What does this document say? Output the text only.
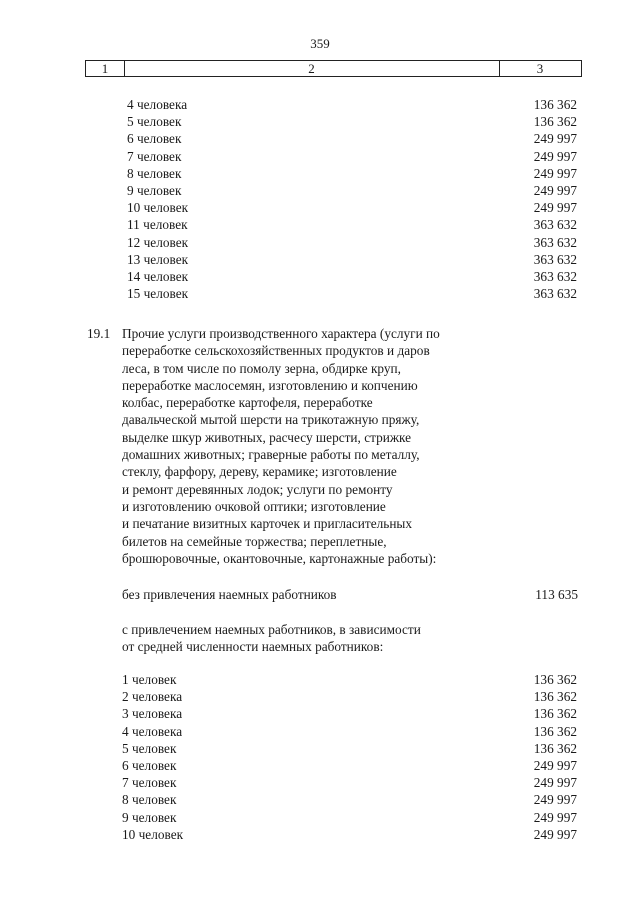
359
1	2	3
4 человека	136 362
5 человек	136 362
6 человек	249 997
7 человек	249 997
8 человек	249 997
9 человек	249 997
10 человек	249 997
11 человек	363 632
12 человек	363 632
13 человек	363 632
14 человек	363 632
15 человек	363 632
19.1 Прочие услуги производственного характера (услуги по
переработке сельскохозяйственных продуктов и даров
леса, в том числе по помолу зерна, обдирке круп,
переработке маслосемян, изготовлению и копчению
колбас, переработке картофеля, переработке
давальческой мытой шерсти на трикотажную пряжу,
выделке шкур животных, расчесу шерсти, стрижке
домашних животных; граверные работы по металлу,
стеклу, фарфору, дереву, керамике; изготовление
и ремонт деревянных лодок; услуги по ремонту
и изготовлению очковой оптики; изготовление
и печатание визитных карточек и пригласительных
билетов на семейные торжества; переплетные,
брошюровочные, окантовочные, картонажные работы):
без привлечения наемных работников	113 635
с привлечением наемных работников, в зависимости
от средней численности наемных работников:
1 человек	136 362
2 человека	136 362
3 человека	136 362
4 человека	136 362
5 человек	136 362
6 человек	249 997
7 человек	249 997
8 человек	249 997
9 человек	249 997
10 человек	249 997
